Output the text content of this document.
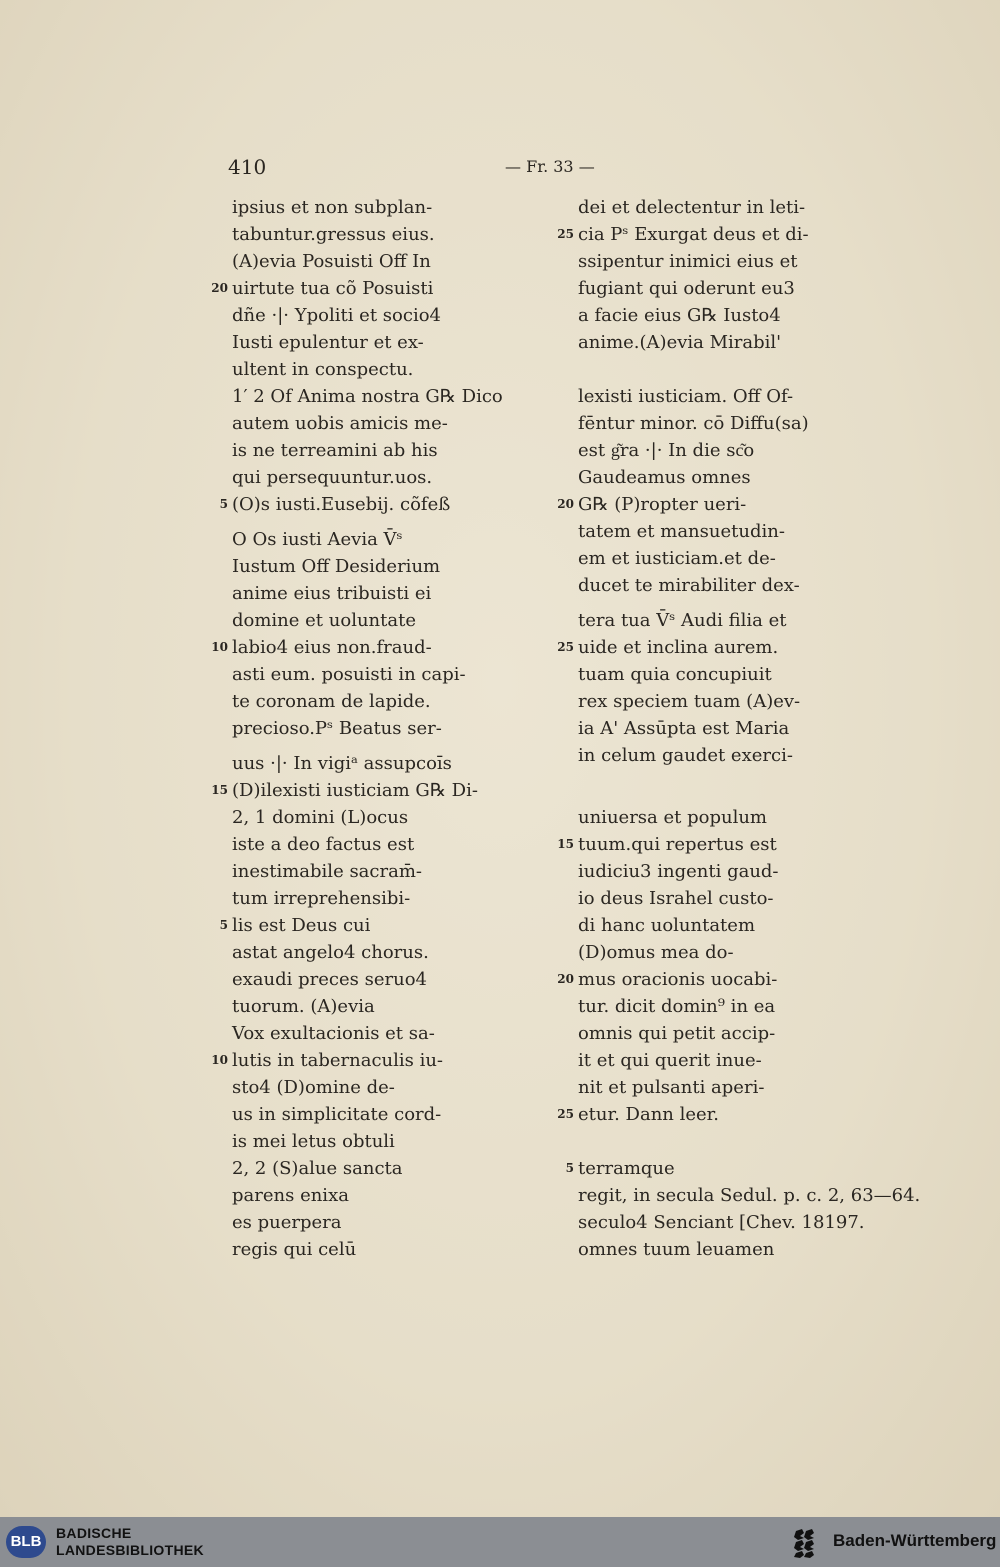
410	— Fr. 33 —
ipsius et non subplan-
tabuntur.gressus eius.
(A)evia Posuisti Off In
20 uirtute tua cõ Posuisti
dñe ·|· Ypoliti et socio4
Iusti epulentur et ex-
ultent in conspectu.
1′ 2 Of Anima nostra G℞ Dico
autem uobis amicis me-
is ne terreamini ab his
qui persequuntur.uos.
5 (O)s iusti.Eusebij. cõfeß
O Os iusti Aevia V̄ˢ
Iustum Off Desiderium
anime eius tribuisti ei
domine et uoluntate
10 labio4 eius non.fraud-
asti eum. posuisti in capi-
te coronam de lapide.
precioso.Pˢ Beatus ser-
uus ·|· In vigiᵃ assupcoı̄s
15 (D)ilexisti iusticiam G℞ Di-
2, 1 domini (L)ocus
iste a deo factus est
inestimabile sacram̄-
tum irreprehensibi-
5 lis est Deus cui
astat angelo4 chorus.
exaudi preces seruo4
tuorum. (A)evia
Vox exultacionis et sa-
10 lutis in tabernaculis iu-
sto4 (D)omine de-
us in simplicitate cord-
is mei letus obtuli
2, 2 (S)alue sancta
parens enixa
es puerpera
regis qui celū
dei et delectentur in leti-
25 cia Pˢ Exurgat deus et di-
ssipentur inimici eius et
fugiant qui oderunt eu3
a facie eius G℞ Iusto4
anime.(A)evia Mirabil'
lexisti iusticiam. Off Of-
fe͏̄ntur minor. cō Diffu(sa)
est g͂ra ·|· In die sc͂o
Gaudeamus omnes
20 G℞ (P)ropter ueri-
tatem et mansuetudin-
em et iusticiam.et de-
ducet te mirabiliter dex-
tera tua V̄ˢ Audi filia et
25 uide et inclina aurem.
tuam quia concupiuit
rex speciem tuam (A)ev-
ia A' Assūpta est Maria
in celum gaudet exerci-
uniuersa et populum
15 tuum.qui repertus est
iudiciu3 ingenti gaud-
io deus Israhel custo-
di hanc uoluntatem
(D)omus mea do-
20 mus oracionis uocabi-
tur. dicit domin⁹ in ea
omnis qui petit accip-
it et qui querit inue-
nit et pulsanti aperi-
25 etur. Dann leer.
5 terramque
regit, in secula Sedul. p. c. 2, 63—64.
seculo4 Senciant [Chev. 18197.
omnes tuum leuamen
BLB	BADISCHE
LANDESBIBLIOTHEK	Baden-Württemberg
